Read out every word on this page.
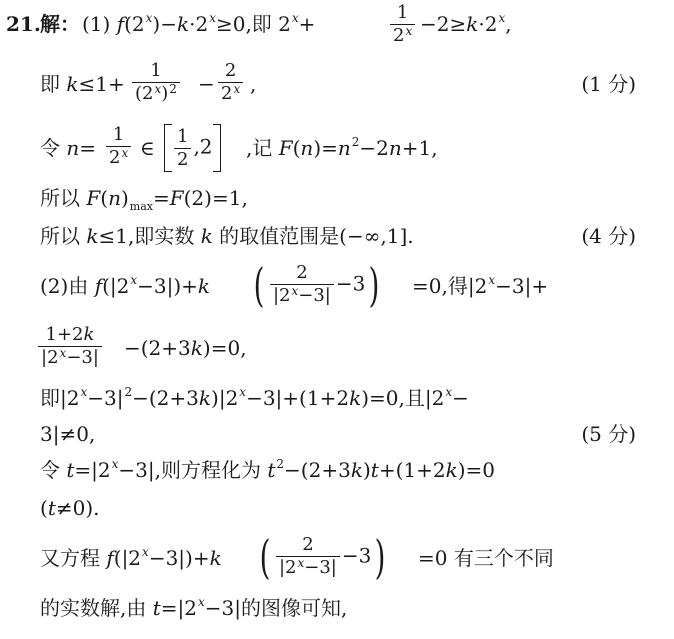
21. 解： (1) $f(2^x)-k\cdot 2^x\ge 0$,即 $2^x+$	$\frac{1}{2^x} -2\ge k\cdot 2^x$,
即 $k\le 1+ \frac{1}{(2^x)^2} - \frac{2}{2^x}$ ,	(1 分)
令 $n= \frac{1}{2^x}$ ∈ $\frac{1}{2} ,2$	,记 $F(n)=n^2-2n+1$,
所以 $F(n)_{max}=F(2)=1$,
所以 k≤1,即实数 k 的取值范围是(−∞,1].	(4 分)
(2)由 $f(|2^x-3|)+k$ ( $\frac{2}{|2^x-3|} -3) =0$,得$|2^x-3|+$
$\frac{1+2k}{|2^x-3|} -(2+3k)=0$,
即$|2^x-3|^2-(2+3k)|2^x-3|+(1+2k)=0$,且$|2^x-$
3|≠0,	(5 分)
令 $t=|2^x-3|$,则方程化为 $t^2-(2+3k)t+(1+2k)=0$
(t≠0).
又方程 $f(|2^x-3|)+k$ ( $\frac{2}{|2^x-3|} -3) =0$ 有三个不同
的实数解,由 $t=|2^x-3|$的图像可知,
